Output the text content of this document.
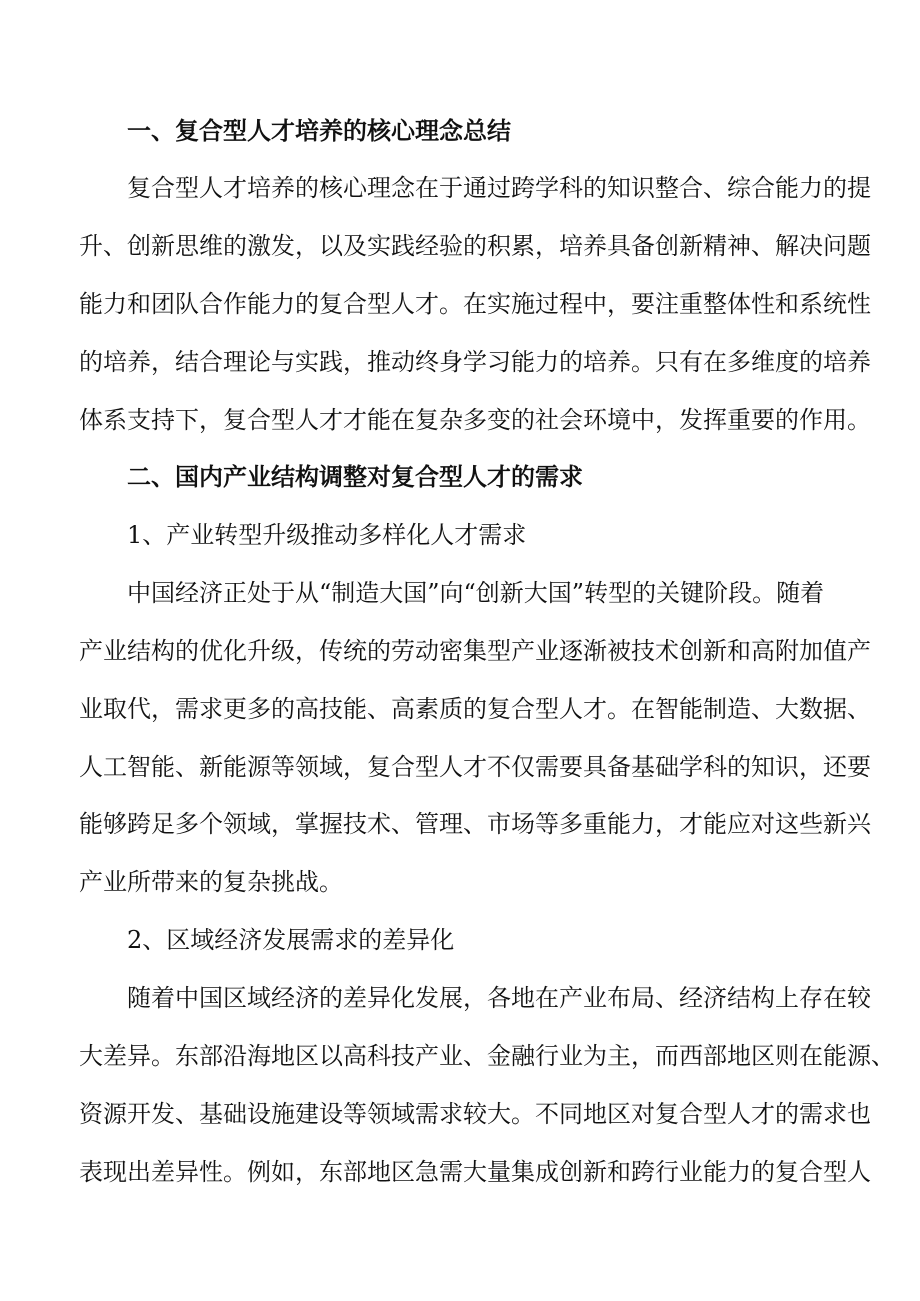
一、复合型人才培养的核心理念总结
复合型人才培养的核心理念在于通过跨学科的知识整合、综合能力的提
升、创新思维的激发，以及实践经验的积累，培养具备创新精神、解决问题
能力和团队合作能力的复合型人才。在实施过程中，要注重整体性和系统性
的培养，结合理论与实践，推动终身学习能力的培养。只有在多维度的培养
体系支持下，复合型人才才能在复杂多变的社会环境中，发挥重要的作用。
二、国内产业结构调整对复合型人才的需求
1、产业转型升级推动多样化人才需求
中国经济正处于从“制造大国”向“创新大国”转型的关键阶段。随着
产业结构的优化升级，传统的劳动密集型产业逐渐被技术创新和高附加值产
业取代，需求更多的高技能、高素质的复合型人才。在智能制造、大数据、
人工智能、新能源等领域，复合型人才不仅需要具备基础学科的知识，还要
能够跨足多个领域，掌握技术、管理、市场等多重能力，才能应对这些新兴
产业所带来的复杂挑战。
2、区域经济发展需求的差异化
随着中国区域经济的差异化发展，各地在产业布局、经济结构上存在较
大差异。东部沿海地区以高科技产业、金融行业为主，而西部地区则在能源、
资源开发、基础设施建设等领域需求较大。不同地区对复合型人才的需求也
表现出差异性。例如，东部地区急需大量集成创新和跨行业能力的复合型人
